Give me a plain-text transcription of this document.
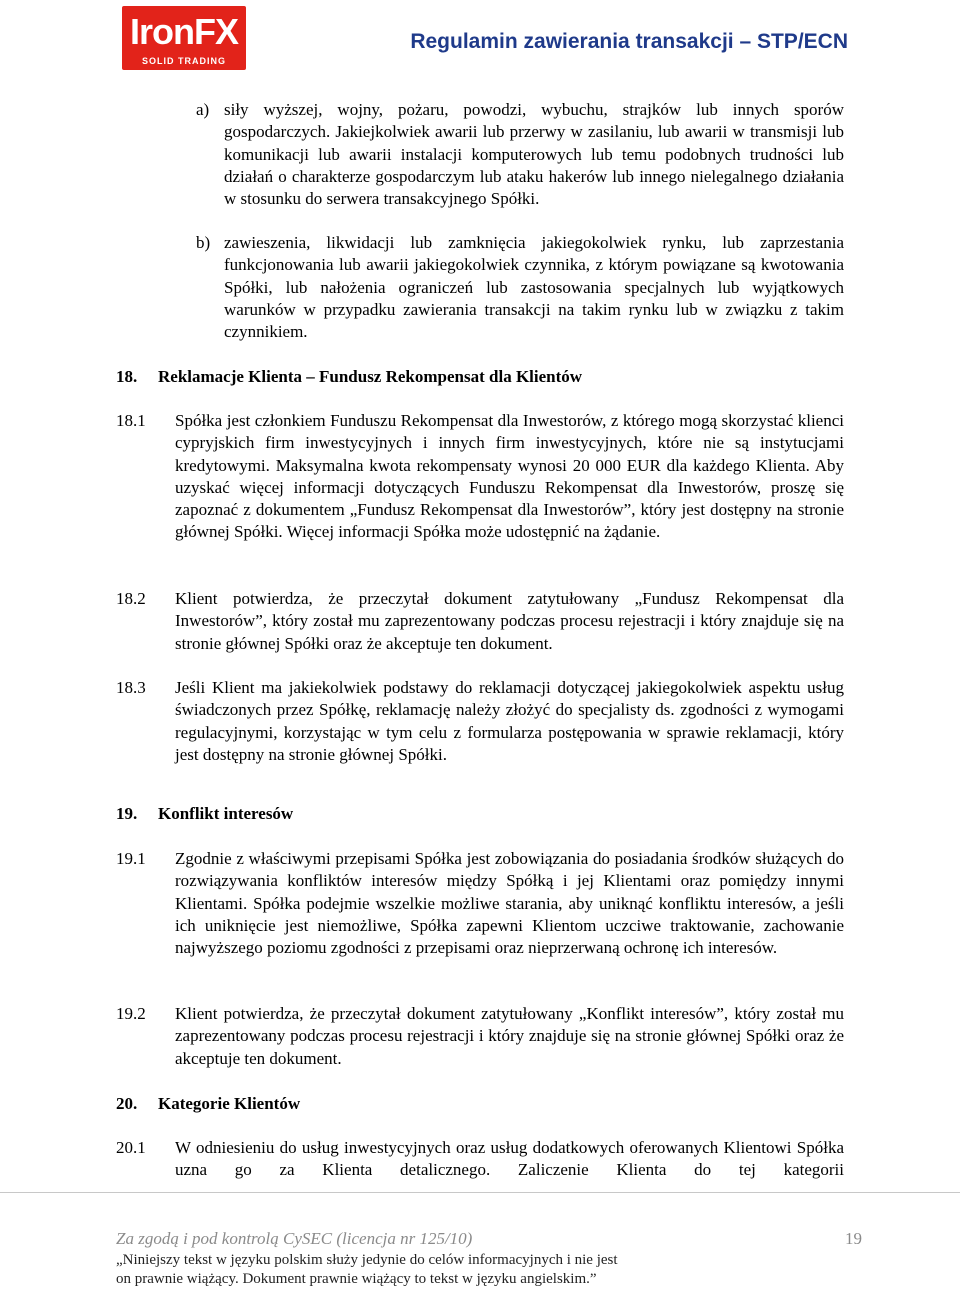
IronFX
SOLID TRADING
Regulamin zawierania transakcji – STP/ECN
a) siły wyższej, wojny, pożaru, powodzi, wybuchu, strajków lub innych sporów gospodarczych. Jakiejkolwiek awarii lub przerwy w zasilaniu, lub awarii w transmisji lub komunikacji lub awarii instalacji komputerowych lub temu podobnych trudności lub działań o charakterze gospodarczym lub ataku hakerów lub innego nielegalnego działania w stosunku do serwera transakcyjnego Spółki.
b) zawieszenia, likwidacji lub zamknięcia jakiegokolwiek rynku, lub zaprzestania funkcjonowania lub awarii jakiegokolwiek czynnika, z którym powiązane są kwotowania Spółki, lub nałożenia ograniczeń lub zastosowania specjalnych lub wyjątkowych warunków w przypadku zawierania transakcji na takim rynku lub w związku z takim czynnikiem.
18. Reklamacje Klienta – Fundusz Rekompensat dla Klientów
18.1 Spółka jest członkiem Funduszu Rekompensat dla Inwestorów, z którego mogą skorzystać klienci cypryjskich firm inwestycyjnych i innych firm inwestycyjnych, które nie są instytucjami kredytowymi. Maksymalna kwota rekompensaty wynosi 20 000 EUR dla każdego Klienta. Aby uzyskać więcej informacji dotyczących Funduszu Rekompensat dla Inwestorów, proszę się zapoznać z dokumentem „Fundusz Rekompensat dla Inwestorów”, który jest dostępny na stronie głównej Spółki. Więcej informacji Spółka może udostępnić na żądanie.
18.2 Klient potwierdza, że przeczytał dokument zatytułowany „Fundusz Rekompensat dla Inwestorów”, który został mu zaprezentowany podczas procesu rejestracji i który znajduje się na stronie głównej Spółki oraz że akceptuje ten dokument.
18.3 Jeśli Klient ma jakiekolwiek podstawy do reklamacji dotyczącej jakiegokolwiek aspektu usług świadczonych przez Spółkę, reklamację należy złożyć do specjalisty ds. zgodności z wymogami regulacyjnymi, korzystając w tym celu z formularza postępowania w sprawie reklamacji, który jest dostępny na stronie głównej Spółki.
19. Konflikt interesów
19.1 Zgodnie z właściwymi przepisami Spółka jest zobowiązania do posiadania środków służących do rozwiązywania konfliktów interesów między Spółką i jej Klientami oraz pomiędzy innymi Klientami. Spółka podejmie wszelkie możliwe starania, aby uniknąć konfliktu interesów, a jeśli ich uniknięcie jest niemożliwe, Spółka zapewni Klientom uczciwe traktowanie, zachowanie najwyższego poziomu zgodności z przepisami oraz nieprzerwaną ochronę ich interesów.
19.2 Klient potwierdza, że przeczytał dokument zatytułowany „Konflikt interesów”, który został mu zaprezentowany podczas procesu rejestracji i który znajduje się na stronie głównej Spółki oraz że akceptuje ten dokument.
20. Kategorie Klientów
20.1 W odniesieniu do usług inwestycyjnych oraz usług dodatkowych oferowanych Klientowi Spółka uzna go za Klienta detalicznego. Zaliczenie Klienta do tej kategorii
Za zgodą i pod kontrolą CySEC (licencja nr 125/10)	19
„Niniejszy tekst w języku polskim służy jedynie do celów informacyjnych i nie jest on prawnie wiążący. Dokument prawnie wiążący to tekst w języku angielskim.”
